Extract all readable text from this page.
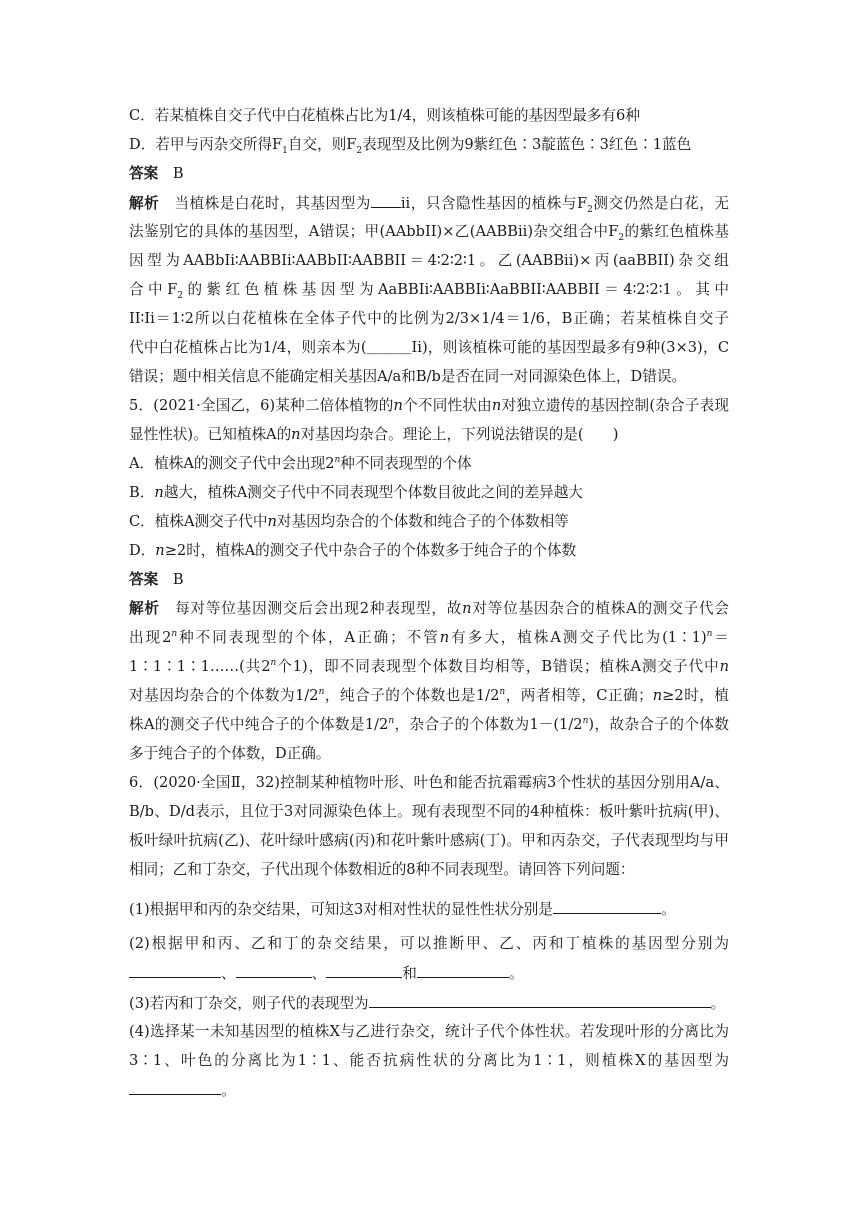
C．若某植株自交子代中白花植株占比为1/4，则该植株可能的基因型最多有6种
D．若甲与丙杂交所得$F_1$自交，则$F_2$表现型及比例为9紫红色∶3靛蓝色∶3红色∶1蓝色
答案　 B
解析　 当植株是白花时，其基因型为 ii，只含隐性基因的植株与$F_2$测交仍然是白花，无
法鉴别它的具体的基因型，A错误；甲(AAbbII)×乙(AABBii)杂交组合中$F_2$的紫红色植株基
因型为AABbIi∶AABBIi∶AABbII∶AABBII＝4∶2∶2∶1。乙(AABBii)×丙(aaBBII)杂交组
合中$F_2$的紫红色植株基因型为AaBBIi∶AABBIi∶AaBBII∶AABBII＝4∶2∶2∶1。其中
II∶Ii＝1∶2所以白花植株在全体子代中的比例为2/3×1/4＝1/6，B正确；若某植株自交子
代中白花植株占比为1/4，则亲本为(＿＿＿Ii)，则该植株可能的基因型最多有9种(3×3)，C
错误；题中相关信息不能确定相关基因A/a和B/b是否在同一对同源染色体上，D错误。
5．(2021·全国乙，6)某种二倍体植物的n个不同性状由n对独立遗传的基因控制(杂合子表现
显性性状)。已知植株A的n对基因均杂合。理论上，下列说法错误的是(　　)
A．植株A的测交子代中会出现2$^n$种不同表现型的个体
B．n越大，植株A测交子代中不同表现型个体数目彼此之间的差异越大
C．植株A测交子代中n对基因均杂合的个体数和纯合子的个体数相等
D．n≥2时，植株A的测交子代中杂合子的个体数多于纯合子的个体数
答案　 B
解析　 每对等位基因测交后会出现2种表现型，故n对等位基因杂合的植株A的测交子代会
出现2$^n$种不同表现型的个体，A正确；不管n有多大，植株A测交子代比为(1∶1)$^n$＝
1∶1∶1∶1……(共2$^n$个1)，即不同表现型个体数目均相等，B错误；植株A测交子代中n
对基因均杂合的个体数为1/2$^n$，纯合子的个体数也是1/2$^n$，两者相等，C正确；n≥2时，植
株A的测交子代中纯合子的个体数是1/2$^n$，杂合子的个体数为$1-(1/2^n)$，故杂合子的个体数
多于纯合子的个体数，D正确。
6．(2020·全国Ⅱ，32)控制某种植物叶形、叶色和能否抗霜霉病3个性状的基因分别用A/a、
B/b、D/d表示，且位于3对同源染色体上。现有表现型不同的4种植株：板叶紫叶抗病(甲)、
板叶绿叶抗病(乙)、花叶绿叶感病(丙)和花叶紫叶感病(丁)。甲和丙杂交，子代表现型均与甲
相同；乙和丁杂交，子代出现个体数相近的8种不同表现型。请回答下列问题：
(1)根据甲和丙的杂交结果，可知这3对相对性状的显性性状分别是	。
(2)根据甲和丙、乙和丁的杂交结果，可以推断甲、乙、丙和丁植株的基因型分别为
、	、	和	。
(3)若丙和丁杂交，则子代的表现型为	。
(4)选择某一未知基因型的植株X与乙进行杂交，统计子代个体性状。若发现叶形的分离比为
3∶1、叶色的分离比为1∶1、能否抗病性状的分离比为1∶1，则植株X的基因型为
。
